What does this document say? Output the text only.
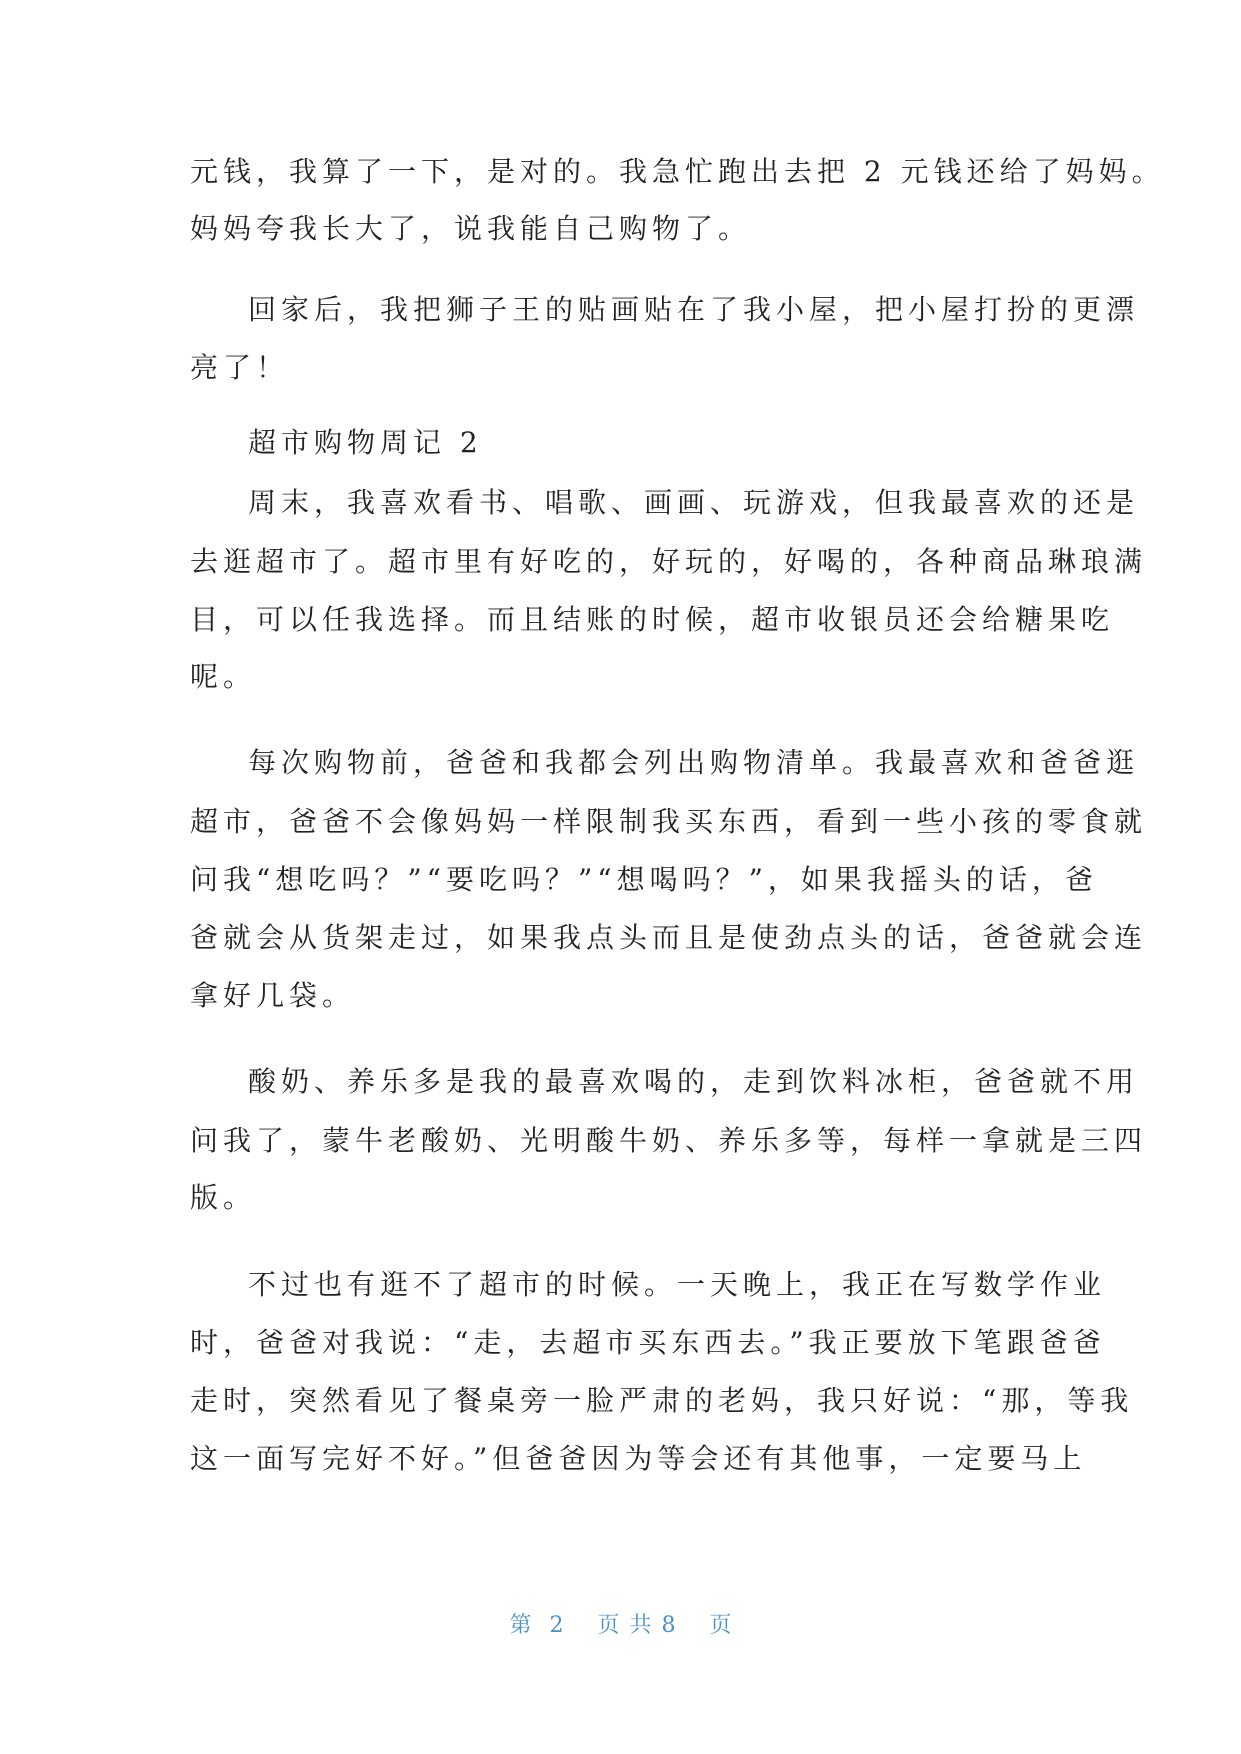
元钱，我算了一下，是对的。我急忙跑出去把 2 元钱还给了妈妈。
妈妈夸我长大了，说我能自己购物了。
回家后，我把狮子王的贴画贴在了我小屋，把小屋打扮的更漂
亮了！
超市购物周记 2
周末，我喜欢看书、唱歌、画画、玩游戏，但我最喜欢的还是
去逛超市了。超市里有好吃的，好玩的，好喝的，各种商品琳琅满
目，可以任我选择。而且结账的时候，超市收银员还会给糖果吃
呢。
每次购物前，爸爸和我都会列出购物清单。我最喜欢和爸爸逛
超市，爸爸不会像妈妈一样限制我买东西，看到一些小孩的零食就
问我“想吃吗？”“要吃吗？”“想喝吗？”，如果我摇头的话，爸
爸就会从货架走过，如果我点头而且是使劲点头的话，爸爸就会连
拿好几袋。
酸奶、养乐多是我的最喜欢喝的，走到饮料冰柜，爸爸就不用
问我了，蒙牛老酸奶、光明酸牛奶、养乐多等，每样一拿就是三四
版。
不过也有逛不了超市的时候。一天晚上，我正在写数学作业
时，爸爸对我说：“走，去超市买东西去。”我正要放下笔跟爸爸
走时，突然看见了餐桌旁一脸严肃的老妈，我只好说：“那，等我
这一面写完好不好。”但爸爸因为等会还有其他事，一定要马上
第 2 页 共 8 页
